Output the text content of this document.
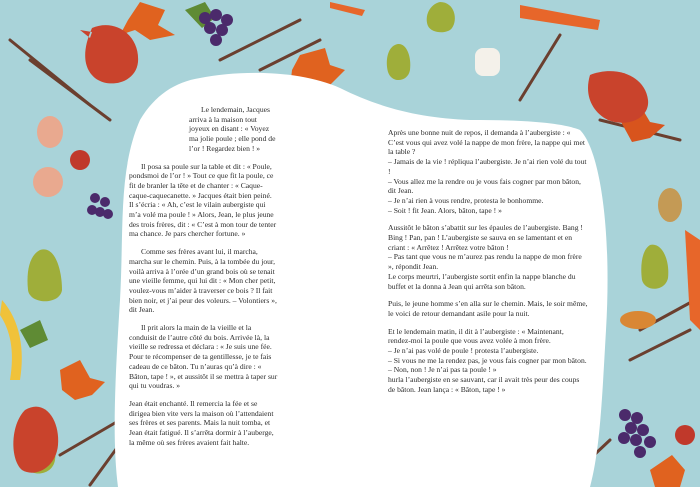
Le lendemain, Jacques arriva à la maison tout joyeux en disant : « Voyez ma jolie poule ; elle pond de l’or ! Regardez bien ! »

Il posa sa poule sur la table et dit : « Poule, pondsmoi de l’or ! » Tout ce que fit la poule, ce fit de branler la tête et de chanter : « Caque-caque-caquecanette. » Jacques était bien peiné.

Il s’écria : « Ah, c’est le vilain aubergiste qui m’a volé ma poule ! » Alors, Jean, le plus jeune des trois frères, dit : « C’est à mon tour de tenter ma chance. Je pars chercher fortune. »

Comme ses frères avant lui, il marcha, marcha sur le chemin. Puis, à la tombée du jour, voilà arriva à l’orée d’un grand bois où se tenait une vieille femme, qui lui dit : « Mon cher petit, voulez-vous m’aider à traverser ce bois ? Il fait bien noir, et j’ai peur des voleurs. – Volontiers », dit Jean.

Il prit alors la main de la vieille et la conduisit de l’autre côté du bois. Arrivée là, la vieille se redressa et déclara : « Je suis une fée. Pour te récompenser de ta gentillesse, je te fais cadeau de ce bâton. Tu n’auras qu’à dire : « Bâton, tape ! », et aussitôt il se mettra à taper sur qui tu voudras. »

Jean était enchanté. Il remercia la fée et se dirigea bien vite vers la maison où l’attendaient ses frères et ses parents. Mais la nuit tomba, et Jean était fatigué. Il s’arrêta dormir à l’auberge, la même où ses frères avaient fait halte.

Après une bonne nuit de repos, il demanda à l’aubergiste : « C’est vous qui avez volé la nappe de mon frère, la nappe qui met la table ?

– Jamais de la vie ! répliqua l’aubergiste. Je n’ai rien volé du tout !

– Vous allez me la rendre ou je vous fais cogner par mon bâton, dit Jean.

– Je n’ai rien à vous rendre, protesta le bonhomme.

– Soit ! fit Jean. Alors, bâton, tape ! »

Aussitôt le bâton s’abattit sur les épaules de l’aubergiste. Bang ! Bing ! Pan, pan ! L’aubergiste se sauva en se lamentant et en criant : « Arrêtez ! Arrêtez votre bâton !

– Pas tant que vous ne m’aurez pas rendu la nappe de mon frère », répondit Jean.

Le corps meurtri, l’aubergiste sortit enfin la nappe blanche du buffet et la donna à Jean qui arrêta son bâton.

Puis, le jeune homme s’en alla sur le chemin. Mais, le soir même, le voici de retour demandant asile pour la nuit.

Et le lendemain matin, il dit à l’aubergiste : « Maintenant, rendez-moi la poule que vous avez volée à mon frère.

– Je n’ai pas volé de poule ! protesta l’aubergiste.

– Si vous ne me la rendez pas, je vous fais cogner par mon bâton.

– Non, non ! Je n’ai pas ta poule ! »

hurla l’aubergiste en se sauvant, car il avait très peur des coups de bâton. Jean lança : « Bâton, tape ! »
